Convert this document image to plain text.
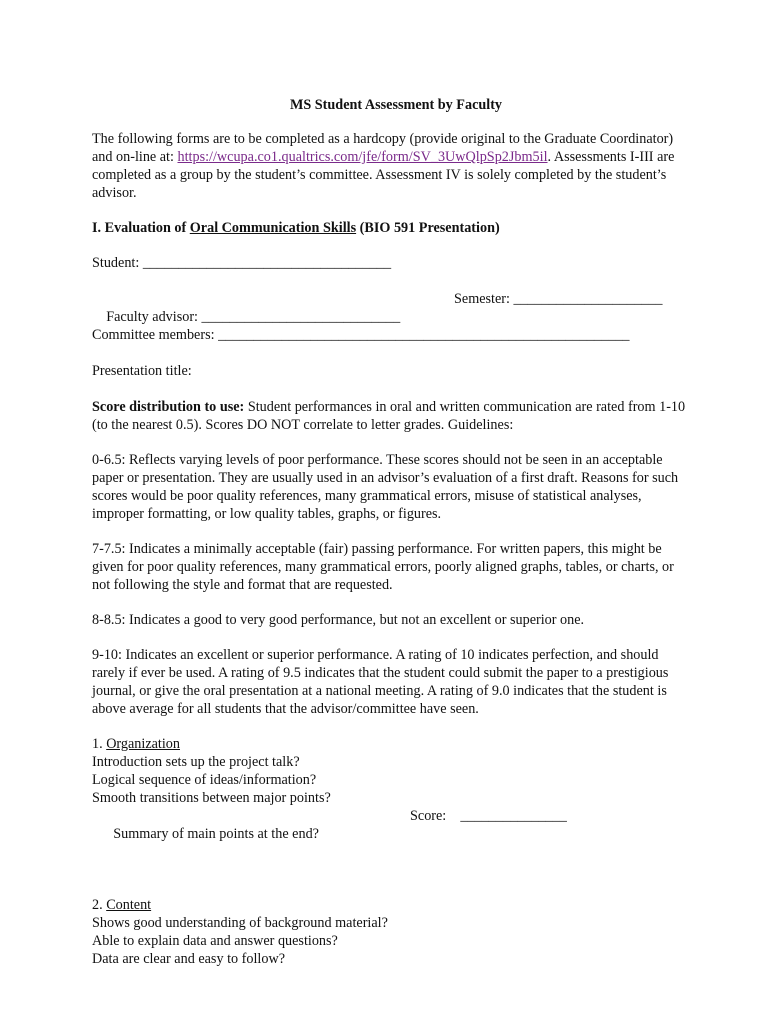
MS Student Assessment by Faculty

The following forms are to be completed as a hardcopy (provide original to the Graduate Coordinator) and on-line at: https://wcupa.co1.qualtrics.com/jfe/form/SV_3UwQlpSp2Jbm5il. Assessments I-III are completed as a group by the student’s committee. Assessment IV is solely completed by the student’s advisor.

I. Evaluation of Oral Communication Skills (BIO 591 Presentation)

Student: ___________________________________

Faculty advisor: ____________________________

Semester: _____________________

Committee members: __________________________________________________________

Presentation title:

Score distribution to use: Student performances in oral and written communication are rated from 1-10 (to the nearest 0.5). Scores DO NOT correlate to letter grades. Guidelines:

0-6.5: Reflects varying levels of poor performance. These scores should not be seen in an acceptable paper or presentation. They are usually used in an advisor’s evaluation of a first draft. Reasons for such scores would be poor quality references, many grammatical errors, misuse of statistical analyses, improper formatting, or low quality tables, graphs, or figures.

7-7.5: Indicates a minimally acceptable (fair) passing performance. For written papers, this might be given for poor quality references, many grammatical errors, poorly aligned graphs, tables, or charts, or not following the style and format that are requested.

8-8.5: Indicates a good to very good performance, but not an excellent or superior one.

9-10: Indicates an excellent or superior performance. A rating of 10 indicates perfection, and should rarely if ever be used. A rating of 9.5 indicates that the student could submit the paper to a prestigious journal, or give the oral presentation at a national meeting. A rating of 9.0 indicates that the student is above average for all students that the advisor/committee have seen.

1. Organization
Introduction sets up the project talk?
Logical sequence of ideas/information?
Smooth transitions between major points?

Summary of main points at the end?

Score:    _______________

2. Content
Shows good understanding of background material?
Able to explain data and answer questions?
Data are clear and easy to follow?
